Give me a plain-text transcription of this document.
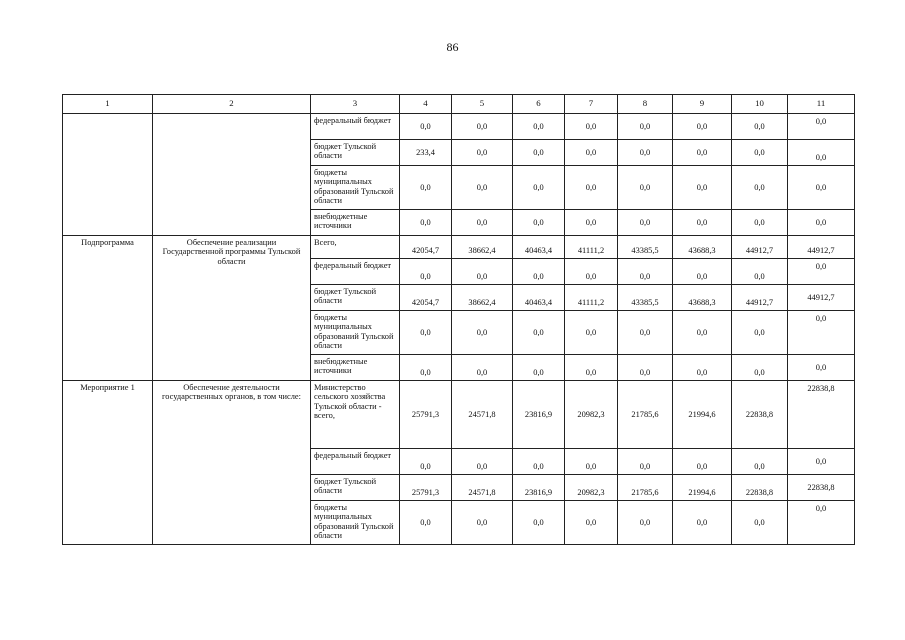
86
1	2	3	4	5	6	7	8	9	10	11
		федеральный бюджет	0,0	0,0	0,0	0,0	0,0	0,0	0,0	0,0
		бюджет Тульской области	233,4	0,0	0,0	0,0	0,0	0,0	0,0	0,0
		бюджеты муниципальных образований Тульской области	0,0	0,0	0,0	0,0	0,0	0,0	0,0	0,0
		внебюджетные источники	0,0	0,0	0,0	0,0	0,0	0,0	0,0	0,0
Подпрограмма	Обеспечение реализации Государственной программы Тульской области	Всего,	42054,7	38662,4	40463,4	41111,2	43385,5	43688,3	44912,7	44912,7
		федеральный бюджет	0,0	0,0	0,0	0,0	0,0	0,0	0,0	0,0
		бюджет Тульской области	42054,7	38662,4	40463,4	41111,2	43385,5	43688,3	44912,7	44912,7
		бюджеты муниципальных образований Тульской области	0,0	0,0	0,0	0,0	0,0	0,0	0,0	0,0
		внебюджетные источники	0,0	0,0	0,0	0,0	0,0	0,0	0,0	0,0
Мероприятие 1	Обеспечение деятельности государственных органов, в том числе:	Министерство сельского хозяйства Тульской области - всего,	25791,3	24571,8	23816,9	20982,3	21785,6	21994,6	22838,8	22838,8
		федеральный бюджет	0,0	0,0	0,0	0,0	0,0	0,0	0,0	0,0
		бюджет Тульской области	25791,3	24571,8	23816,9	20982,3	21785,6	21994,6	22838,8	22838,8
		бюджеты муниципальных образований Тульской области	0,0	0,0	0,0	0,0	0,0	0,0	0,0	0,0
